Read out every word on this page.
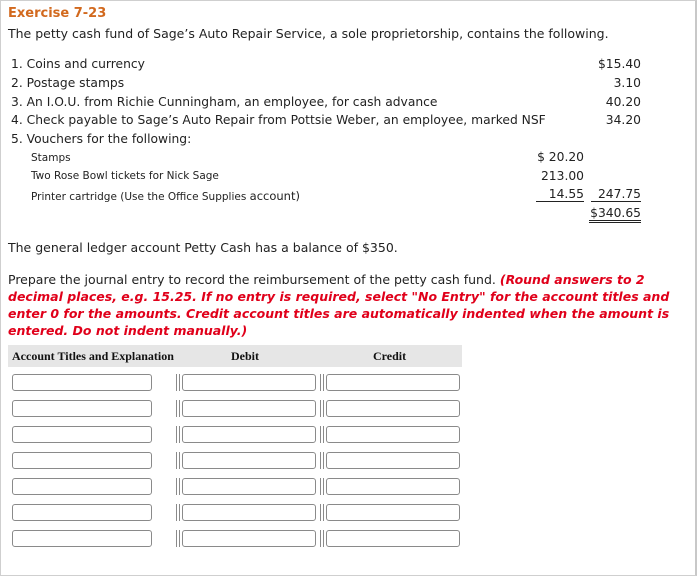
Exercise 7-23
The petty cash fund of Sage’s Auto Repair Service, a sole proprietorship, contains the following.
1. Coins and currency	$15.40
2. Postage stamps	3.10
3. An I.O.U. from Richie Cunningham, an employee, for cash advance	40.20
4. Check payable to Sage’s Auto Repair from Pottsie Weber, an employee, marked NSF	34.20
5. Vouchers for the following:
Stamps	$ 20.20
Two Rose Bowl tickets for Nick Sage	213.00
Printer cartridge (Use the Office Supplies account)	14.55	247.75
$340.65
The general ledger account Petty Cash has a balance of $350.
Prepare the journal entry to record the reimbursement of the petty cash fund. (Round answers to 2 decimal places, e.g. 15.25. If no entry is required, select "No Entry" for the account titles and enter 0 for the amounts. Credit account titles are automatically indented when the amount is entered. Do not indent manually.)
Account Titles and Explanation	Debit	Credit
